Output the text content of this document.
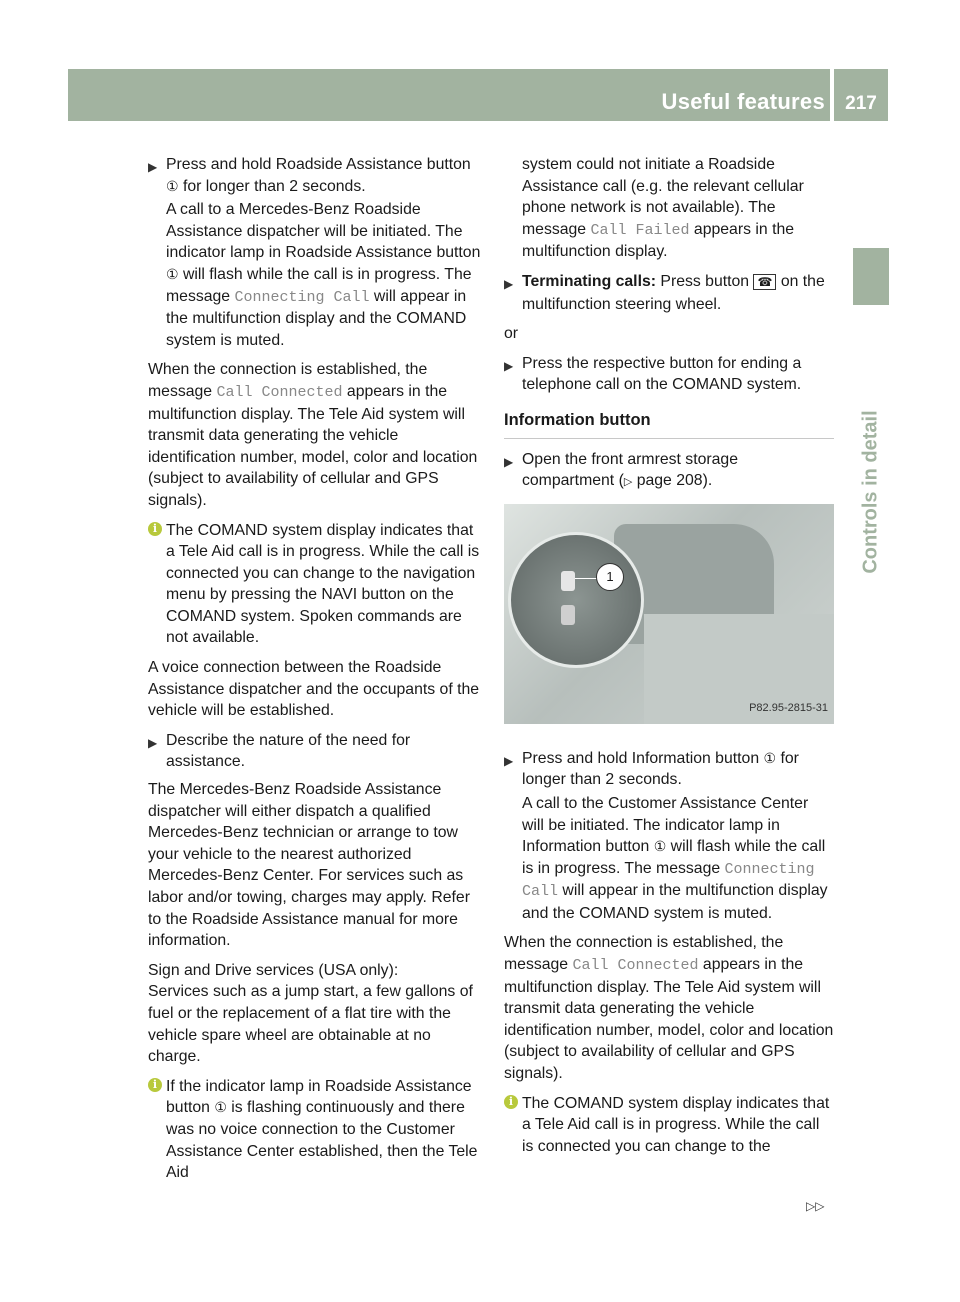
Useful features	217
Controls in detail
▶ Press and hold Roadside Assistance button ① for longer than 2 seconds.

A call to a Mercedes-Benz Roadside Assistance dispatcher will be initiated. The indicator lamp in Roadside Assistance button ① will flash while the call is in progress. The message Connecting Call will appear in the multifunction display and the COMAND system is muted.

When the connection is established, the message Call Connected appears in the multifunction display. The Tele Aid system will transmit data generating the vehicle identification number, model, color and location (subject to availability of cellular and GPS signals).

i The COMAND system display indicates that a Tele Aid call is in progress. While the call is connected you can change to the navigation menu by pressing the NAVI button on the COMAND system. Spoken commands are not available.

A voice connection between the Roadside Assistance dispatcher and the occupants of the vehicle will be established.

▶ Describe the nature of the need for assistance.

The Mercedes-Benz Roadside Assistance dispatcher will either dispatch a qualified Mercedes-Benz technician or arrange to tow your vehicle to the nearest authorized Mercedes-Benz Center. For services such as labor and/or towing, charges may apply. Refer to the Roadside Assistance manual for more information.

Sign and Drive services (USA only):

Services such as a jump start, a few gallons of fuel or the replacement of a flat tire with the vehicle spare wheel are obtainable at no charge.

i If the indicator lamp in Roadside Assistance button ① is flashing continuously and there was no voice connection to the Customer Assistance Center established, then the Tele Aid

system could not initiate a Roadside Assistance call (e.g. the relevant cellular phone network is not available). The message Call Failed appears in the multifunction display.

▶ Terminating calls: Press button ☎ on the multifunction steering wheel.

or

▶ Press the respective button for ending a telephone call on the COMAND system.
Information button
▶ Open the front armrest storage compartment (▷ page 208).
1
P82.95-2815-31
▶ Press and hold Information button ① for longer than 2 seconds.

A call to the Customer Assistance Center will be initiated. The indicator lamp in Information button ① will flash while the call is in progress. The message Connecting Call will appear in the multifunction display and the COMAND system is muted.

When the connection is established, the message Call Connected appears in the multifunction display. The Tele Aid system will transmit data generating the vehicle identification number, model, color and location (subject to availability of cellular and GPS signals).

i The COMAND system display indicates that a Tele Aid call is in progress. While the call is connected you can change to the
▷▷
